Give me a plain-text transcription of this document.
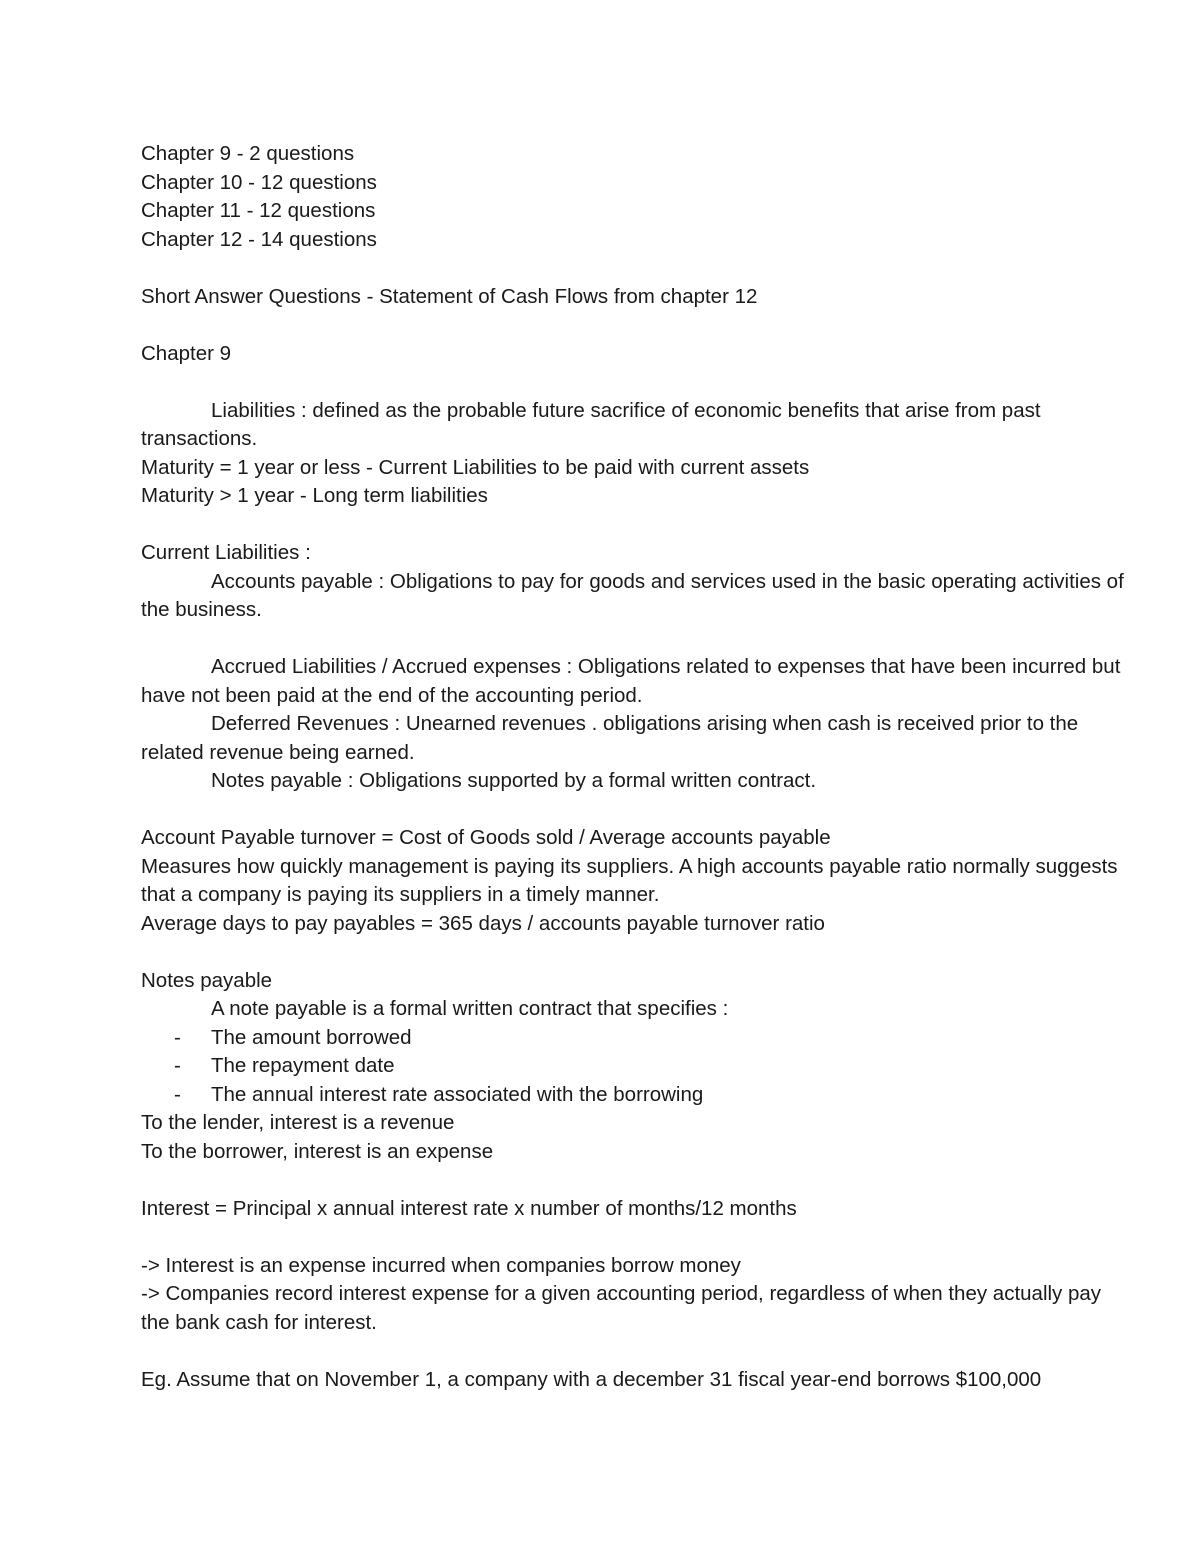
Chapter 9 - 2 questions
Chapter 10 - 12 questions
Chapter 11 - 12 questions
Chapter 12 - 14 questions
Short Answer Questions - Statement of Cash Flows from chapter 12
Chapter 9
Liabilities : defined as the probable future sacrifice of economic benefits that arise from past transactions.
Maturity = 1 year or less - Current Liabilities to be paid with current assets
Maturity > 1 year - Long term liabilities
Current Liabilities :
Accounts payable : Obligations to pay for goods and services used in the basic operating activities of the business.
Accrued Liabilities / Accrued expenses : Obligations related to expenses that have been incurred but have not been paid at the end of the accounting period.
Deferred Revenues : Unearned revenues . obligations arising when cash is received prior to the related revenue being earned.
Notes payable : Obligations supported by a formal written contract.
Account Payable turnover = Cost of Goods sold / Average accounts payable
Measures how quickly management is paying its suppliers. A high accounts payable ratio normally suggests that a company is paying its suppliers in a timely manner.
Average days to pay payables = 365 days / accounts payable turnover ratio
Notes payable
A note payable is a formal written contract that specifies :
- The amount borrowed
- The repayment date
- The annual interest rate associated with the borrowing
To the lender, interest is a revenue
To the borrower, interest is an expense
Interest = Principal x annual interest rate x number of months/12 months
-> Interest is an expense incurred when companies borrow money
-> Companies record interest expense for a given accounting period, regardless of when they actually pay the bank cash for interest.
Eg. Assume that on November 1, a company with a december 31 fiscal year-end borrows $100,000
